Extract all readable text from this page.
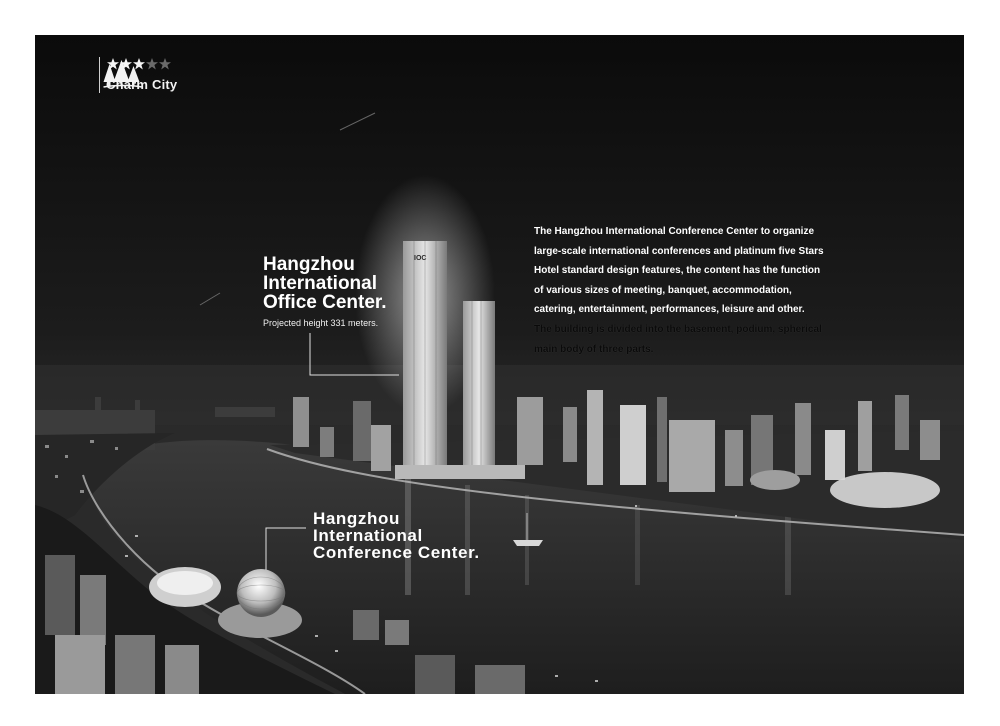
IOC
Charm City
Hangzhou
International
Office Center.
Projected height 331 meters.
Hangzhou
International
Conference Center.
The Hangzhou International Conference Center to organize
large-scale international conferences and platinum five Stars
Hotel standard design features, the content has the function
of various sizes of meeting, banquet, accommodation,
catering, entertainment, performances, leisure and other.
The building is divided into the basement, podium, spherical
main body of three parts.
